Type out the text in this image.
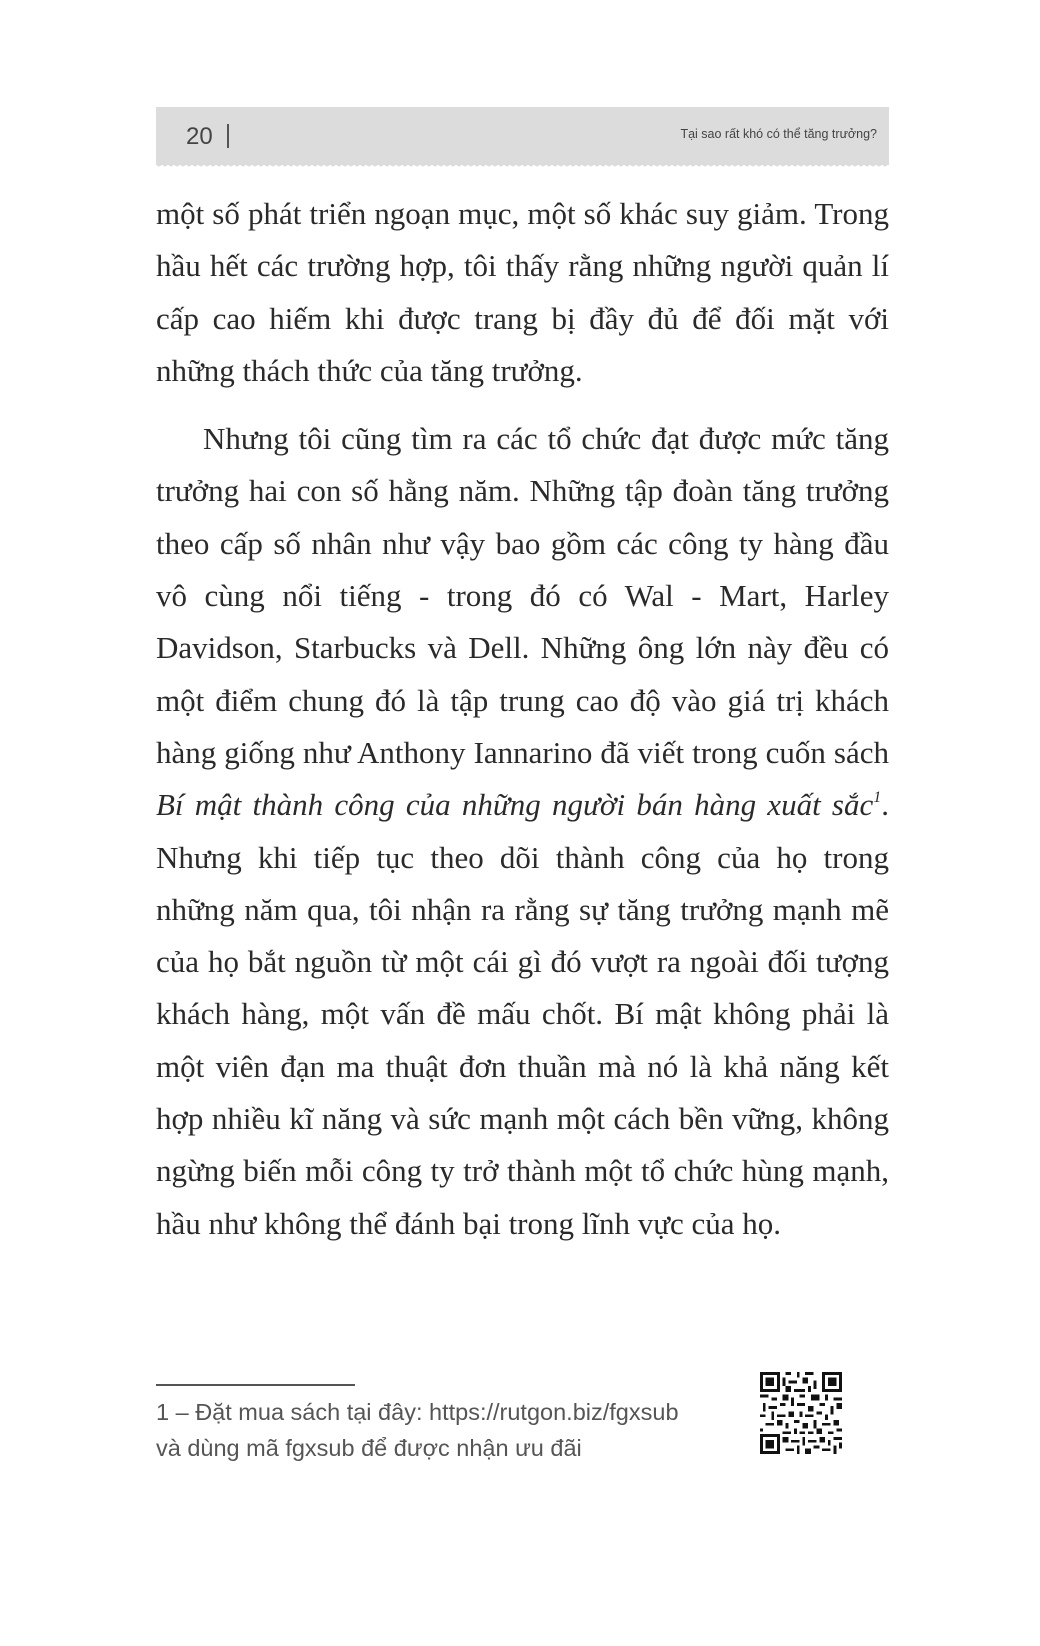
20	Tại sao rất khó có thể tăng trưởng?

một số phát triển ngoạn mục, một số khác suy giảm. Trong hầu hết các trường hợp, tôi thấy rằng những người quản lí cấp cao hiếm khi được trang bị đầy đủ để đối mặt với những thách thức của tăng trưởng.

Nhưng tôi cũng tìm ra các tổ chức đạt được mức tăng trưởng hai con số hằng năm. Những tập đoàn tăng trưởng theo cấp số nhân như vậy bao gồm các công ty hàng đầu vô cùng nổi tiếng - trong đó có Wal - Mart, Harley Davidson, Starbucks và Dell. Những ông lớn này đều có một điểm chung đó là tập trung cao độ vào giá trị khách hàng giống như Anthony Iannarino đã viết trong cuốn sách Bí mật thành công của những người bán hàng xuất sắc$^1$. Nhưng khi tiếp tục theo dõi thành công của họ trong những năm qua, tôi nhận ra rằng sự tăng trưởng mạnh mẽ của họ bắt nguồn từ một cái gì đó vượt ra ngoài đối tượng khách hàng, một vấn đề mấu chốt. Bí mật không phải là một viên đạn ma thuật đơn thuần mà nó là khả năng kết hợp nhiều kĩ năng và sức mạnh một cách bền vững, không ngừng biến mỗi công ty trở thành một tổ chức hùng mạnh, hầu như không thể đánh bại trong lĩnh vực của họ.

1 – Đặt mua sách tại đây: https://rutgon.biz/fgxsub
và dùng mã fgxsub để được nhận ưu đãi
